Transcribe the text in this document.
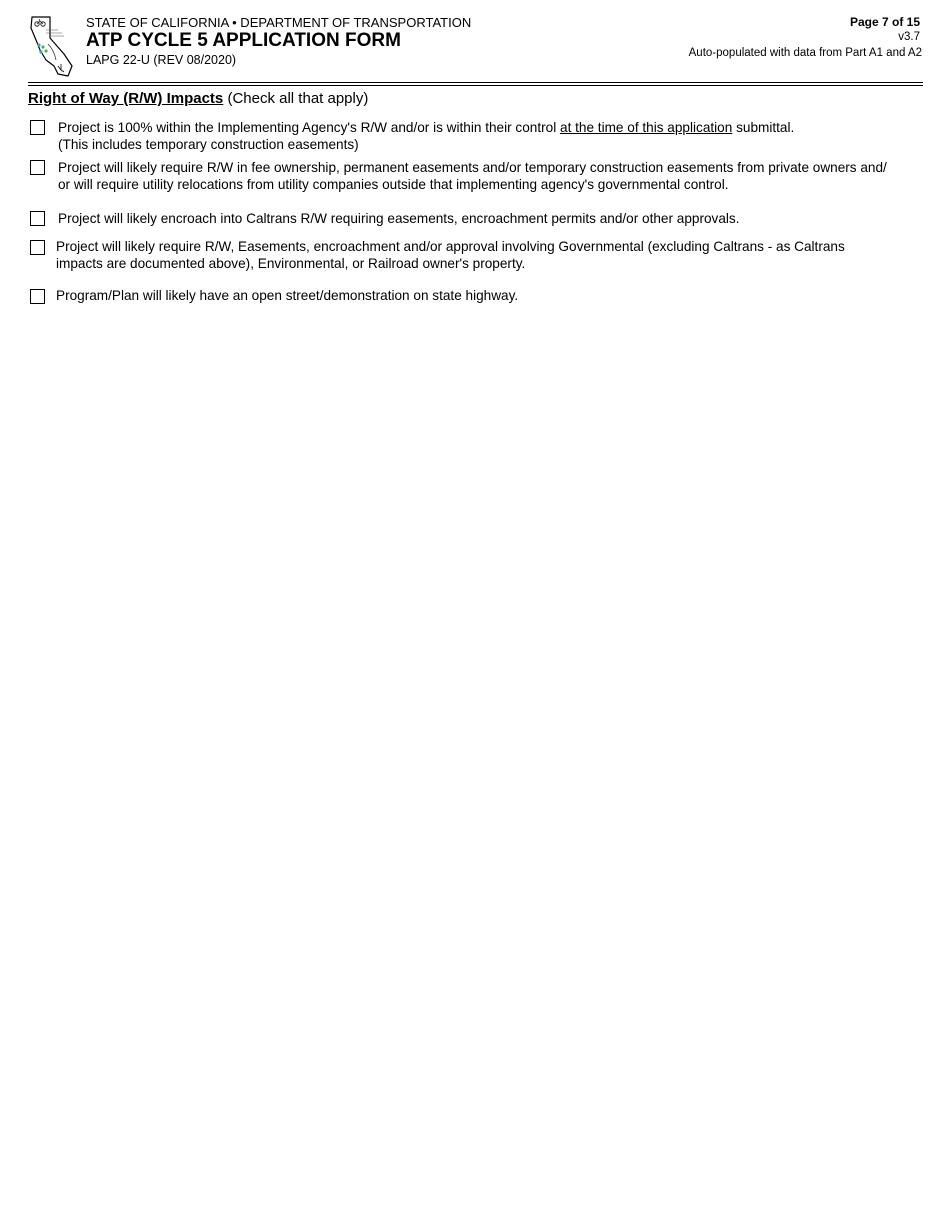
STATE OF CALIFORNIA • DEPARTMENT OF TRANSPORTATION
ATP CYCLE 5 APPLICATION FORM
LAPG 22-U (REV 08/2020)
Page 7 of 15
v3.7
Auto-populated with data from Part A1 and A2
Right of Way (R/W) Impacts (Check all that apply)
Project is 100% within the Implementing Agency's R/W and/or is within their control at the time of this application submittal.
(This includes temporary construction easements)
Project will likely require R/W in fee ownership, permanent easements and/or temporary construction easements from private owners and/
or will require utility relocations from utility companies outside that implementing agency's governmental control.
Project will likely encroach into Caltrans R/W requiring easements, encroachment permits and/or other approvals.
Project will likely require R/W, Easements, encroachment and/or approval involving Governmental (excluding Caltrans - as Caltrans
impacts are documented above), Environmental, or Railroad owner's property.
Program/Plan will likely have an open street/demonstration on state highway.
